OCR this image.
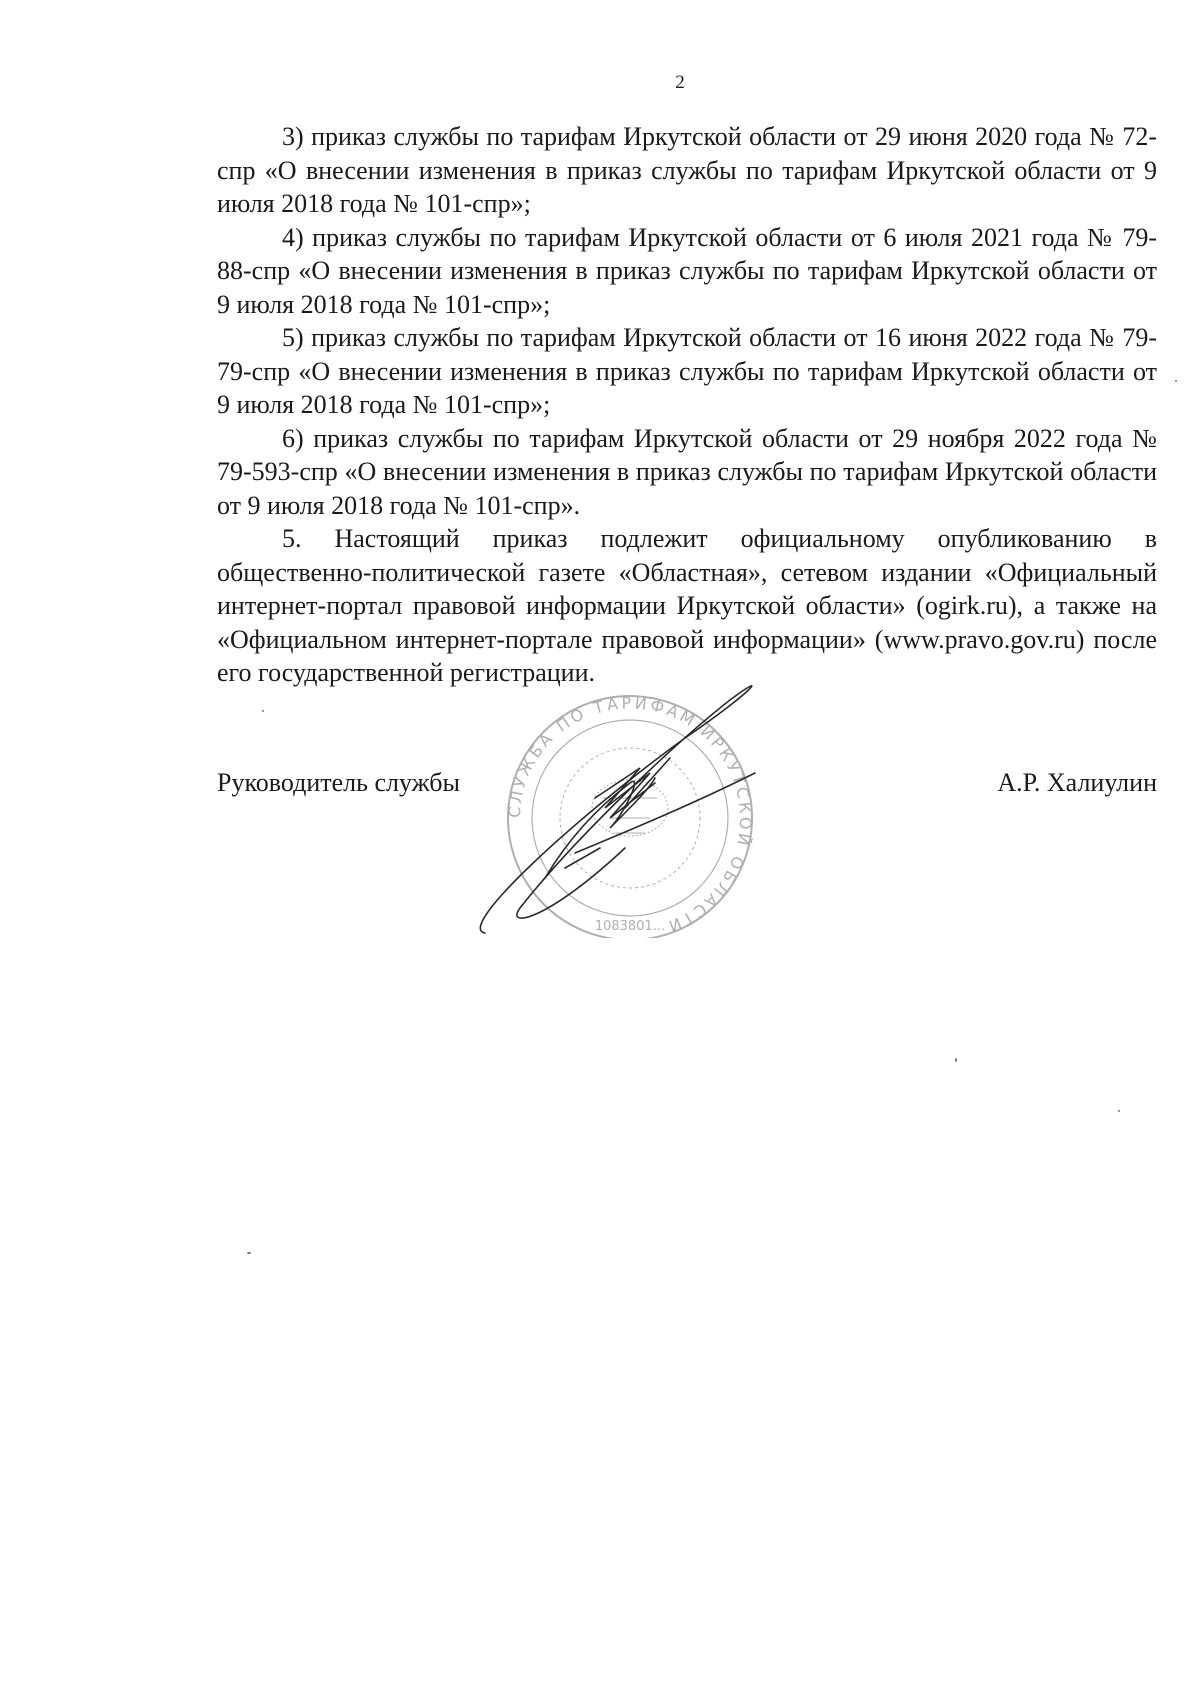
2

3) приказ службы по тарифам Иркутской области от 29 июня 2020 года № 72-спр «О внесении изменения в приказ службы по тарифам Иркутской области от 9 июля 2018 года № 101-спр»;

4) приказ службы по тарифам Иркутской области от 6 июля 2021 года № 79-88-спр «О внесении изменения в приказ службы по тарифам Иркутской области от 9 июля 2018 года № 101-спр»;

5) приказ службы по тарифам Иркутской области от 16 июня 2022 года № 79-79-спр «О внесении изменения в приказ службы по тарифам Иркутской области от 9 июля 2018 года № 101-спр»;

6) приказ службы по тарифам Иркутской области от 29 ноября 2022 года № 79-593-спр «О внесении изменения в приказ службы по тарифам Иркутской области от 9 июля 2018 года № 101-спр».

5. Настоящий приказ подлежит официальному опубликованию в общественно-политической газете «Областная», сетевом издании «Официальный интернет-портал правовой информации Иркутской области» (ogirk.ru), а также на «Официальном интернет-портале правовой информации» (www.pravo.gov.ru) после его государственной регистрации.

Руководитель службы	А.Р. Халиулин
СЛУЖБА ПО ТАРИФАМ ИРКУТСКОЙ ОБЛАСТИ
1083801...
